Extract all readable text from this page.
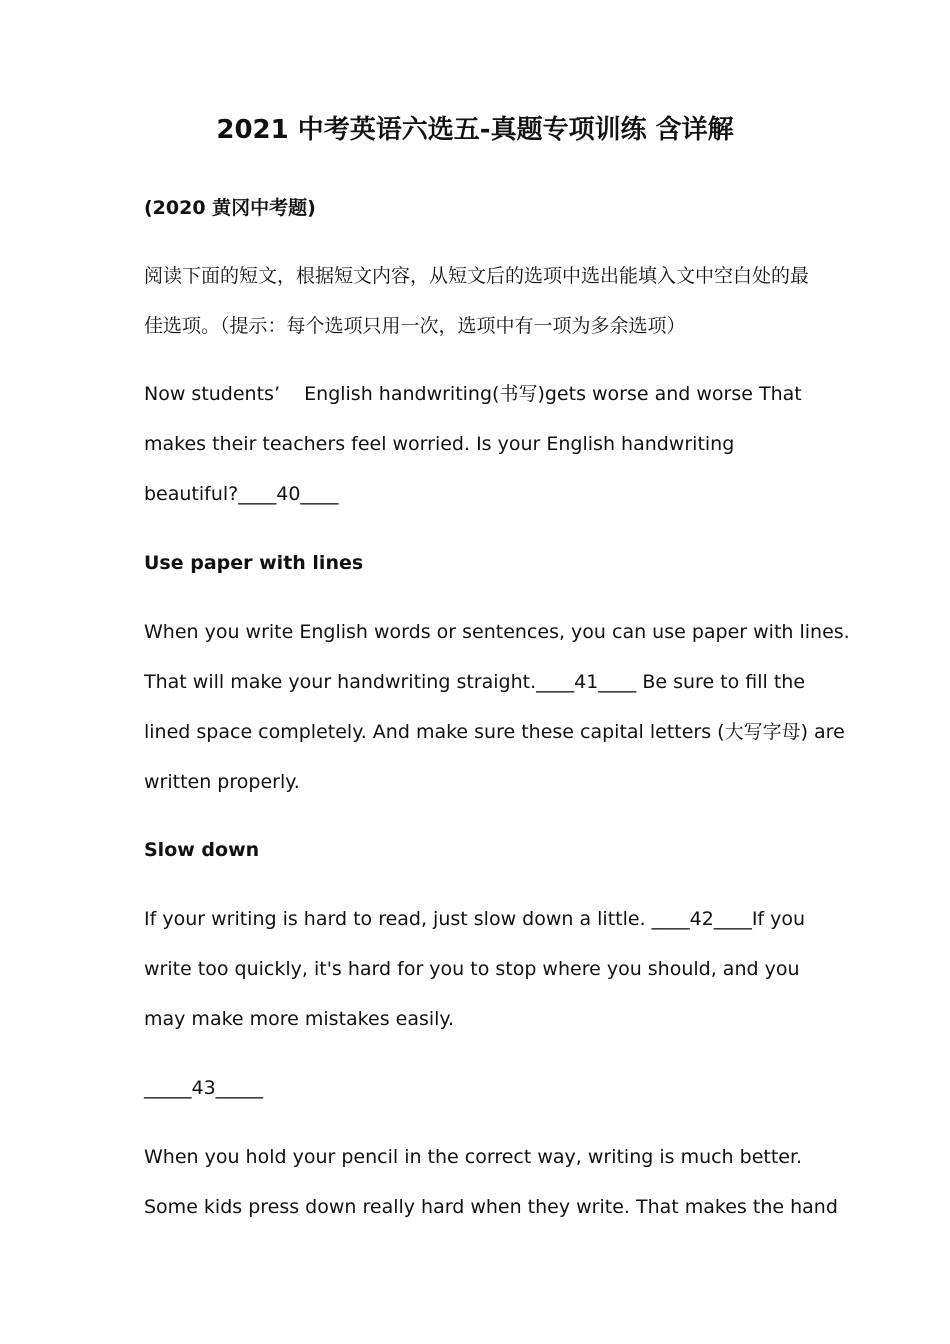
2021 中考英语六选五-真题专项训练 含详解

(2020 黄冈中考题)

阅读下面的短文，根据短文内容，从短文后的选项中选出能填入文中空白处的最
佳选项。（提示：每个选项只用一次，选项中有一项为多余选项）

Now students’    English handwriting(书写)gets worse and worse That
makes their teachers feel worried. Is your English handwriting
beautiful?____40____

Use paper with lines

When you write English words or sentences, you can use paper with lines.
That will make your handwriting straight.____41____ Be sure to fill the
lined space completely. And make sure these capital letters (大写字母) are
written properly.

Slow down

If your writing is hard to read, just slow down a little. ____42____If you
write too quickly, it's hard for you to stop where you should, and you
may make more mistakes easily.

_____43_____

When you hold your pencil in the correct way, writing is much better.
Some kids press down really hard when they write. That makes the hand
